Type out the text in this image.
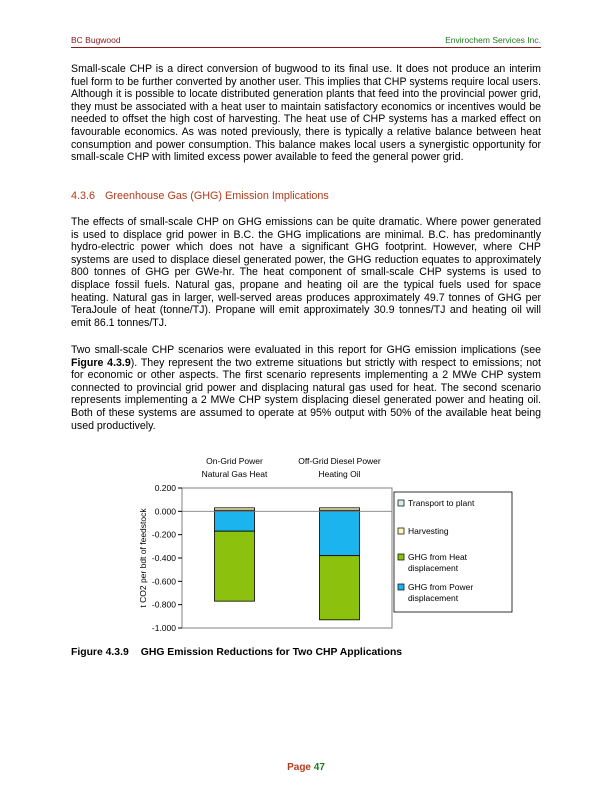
BC Bugwood	Envirochem Services Inc.

Small-scale CHP is a direct conversion of bugwood to its final use. It does not produce an interim fuel form to be further converted by another user. This implies that CHP systems require local users. Although it is possible to locate distributed generation plants that feed into the provincial power grid, they must be associated with a heat user to maintain satisfactory economics or incentives would be needed to offset the high cost of harvesting. The heat use of CHP systems has a marked effect on favourable economics. As was noted previously, there is typically a relative balance between heat consumption and power consumption. This balance makes local users a synergistic opportunity for small-scale CHP with limited excess power available to feed the general power grid.

4.3.6 Greenhouse Gas (GHG) Emission Implications

The effects of small-scale CHP on GHG emissions can be quite dramatic. Where power generated is used to displace grid power in B.C. the GHG implications are minimal. B.C. has predominantly hydro-electric power which does not have a significant GHG footprint. However, where CHP systems are used to displace diesel generated power, the GHG reduction equates to approximately 800 tonnes of GHG per GWe-hr. The heat component of small-scale CHP systems is used to displace fossil fuels. Natural gas, propane and heating oil are the typical fuels used for space heating. Natural gas in larger, well-served areas produces approximately 49.7 tonnes of GHG per TeraJoule of heat (tonne/TJ). Propane will emit approximately 30.9 tonnes/TJ and heating oil will emit 86.1 tonnes/TJ.

Two small-scale CHP scenarios were evaluated in this report for GHG emission implications (see Figure 4.3.9). They represent the two extreme situations but strictly with respect to emissions; not for economic or other aspects. The first scenario represents implementing a 2 MWe CHP system connected to provincial grid power and displacing natural gas used for heat. The second scenario represents implementing a 2 MWe CHP system displacing diesel generated power and heating oil. Both of these systems are assumed to operate at 95% output with 50% of the available heat being used productively.

0.200
0.000
-0.200
-0.400
-0.600
-0.800
-1.000
t CO2 per bdt of feedstock
On-Grid Power
Natural Gas Heat
Off-Grid Diesel Power
Heating Oil
Transport to plant
Harvesting
GHG from Heat
displacement
GHG from Power
displacement

Figure 4.3.9 GHG Emission Reductions for Two CHP Applications

Page 47
